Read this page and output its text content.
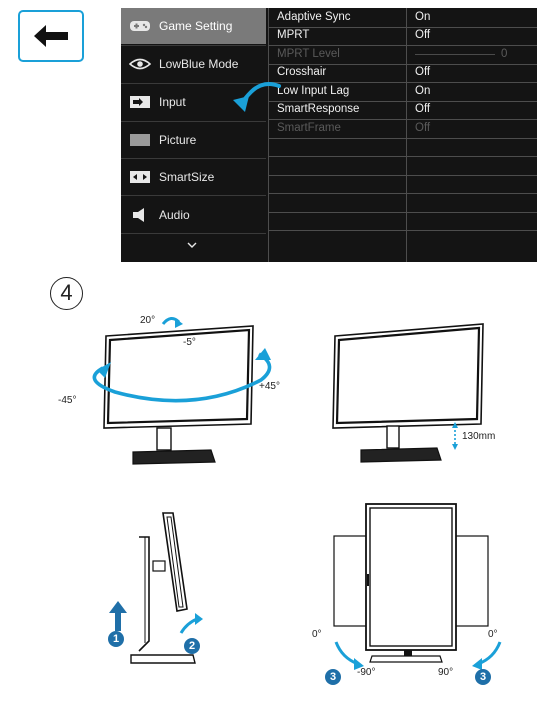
Game Setting
LowBlue Mode
Input
Picture
SmartSize
Audio
Adaptive Sync	On
MPRT	Off
MPRT Level	0
Crosshair	Off
Low Input Lag	On
SmartResponse	Off
SmartFrame	Off
4
20°
-5°
-45°
+45°
130mm
1
2
0°	0°
-90°	90°
3	3
